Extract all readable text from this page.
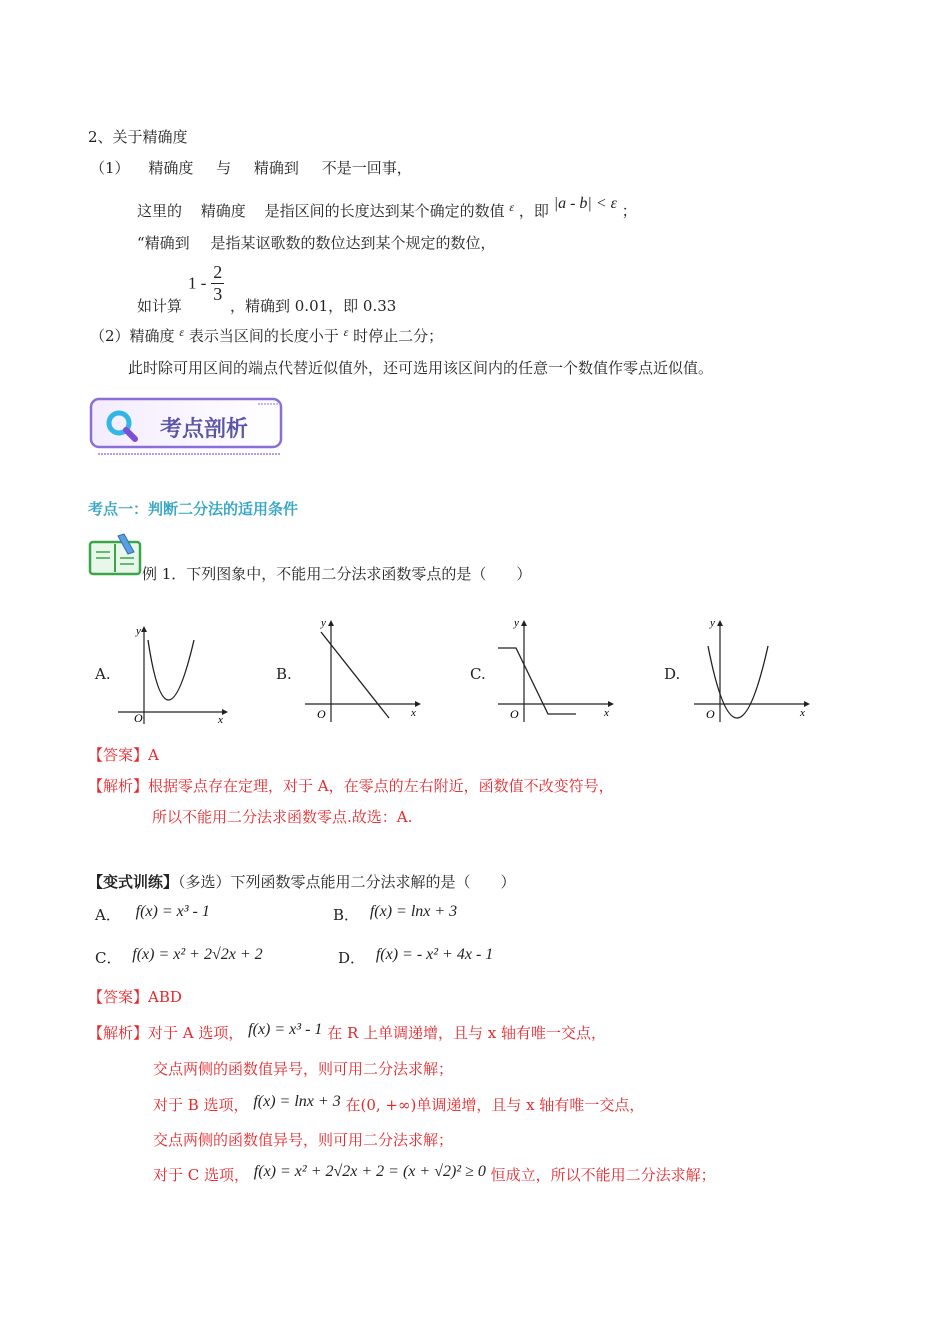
2、关于精确度
（1） 精确度 与 精确到 不是一回事，
这里的 精确度 是指区间的长度达到某个确定的数值 $^\varepsilon$ ，即 |a - b| < ε ；
“精确到 是指某讴歌数的数位达到某个规定的数位，
$1 - \frac{2}{3}$
如计算	，精确到 0.01，即 0.33
（2）精确度 $^\varepsilon$ 表示当区间的长度小于 $^\varepsilon$ 时停止二分；
此时除可用区间的端点代替近似值外，还可选用该区间内的任意一个数值作零点近似值。
考点剖析
考点一：判断二分法的适用条件
例 1．下列图象中，不能用二分法求函数零点的是（　　）
A.
O	x
y
B.
O	x
y
C.
O	x
y
D.
O	x
y
【答案】A
【解析】根据零点存在定理，对于 A，在零点的左右附近，函数值不改变符号，
所以不能用二分法求函数零点.故选：A.
【变式训练】（多选）下列函数零点能用二分法求解的是（　　）
A． f(x) = x³ - 1	B． f(x) = lnx + 3
C． f(x) = x² + 2√2x + 2	D． f(x) = - x² + 4x - 1
【答案】ABD
【解析】对于 A 选项， f(x) = x³ - 1 在 R 上单调递增，且与 x 轴有唯一交点，
交点两侧的函数值异号，则可用二分法求解；
对于 B 选项， f(x) = lnx + 3 在(0, +∞)单调递增，且与 x 轴有唯一交点，
交点两侧的函数值异号，则可用二分法求解；
对于 C 选项， f(x) = x² + 2√2x + 2 = (x + √2)² ≥ 0 恒成立，所以不能用二分法求解；
